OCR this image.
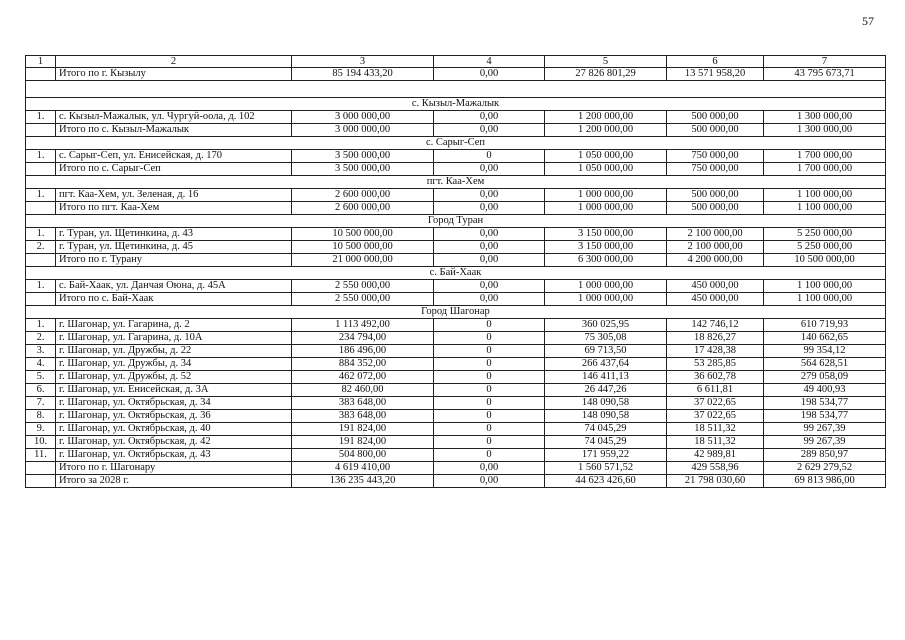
57
1	2	3	4	5	6	7
	Итого по г. Кызылу	85 194 433,20	0,00	27 826 801,29	13 571 958,20	43 795 673,71

с. Кызыл-Мажалык						
1.	с. Кызыл-Мажалык, ул. Чургуй-оола, д. 102	3 000 000,00	0,00	1 200 000,00	500 000,00	1 300 000,00
	Итого по с. Кызыл-Мажалык	3 000 000,00	0,00	1 200 000,00	500 000,00	1 300 000,00
с. Сарыг-Сеп						
1.	с. Сарыг-Сеп, ул. Енисейская, д. 170	3 500 000,00	0	1 050 000,00	750 000,00	1 700 000,00
	Итого по с. Сарыг-Сеп	3 500 000,00	0,00	1 050 000,00	750 000,00	1 700 000,00
пгт. Каа-Хем						
1.	пгт. Каа-Хем, ул. Зеленая, д. 16	2 600 000,00	0,00	1 000 000,00	500 000,00	1 100 000,00
	Итого по пгт. Каа-Хем	2 600 000,00	0,00	1 000 000,00	500 000,00	1 100 000,00
Город Туран						
1.	г. Туран, ул. Щетинкина, д. 43	10 500 000,00	0,00	3 150 000,00	2 100 000,00	5 250 000,00
2.	г. Туран, ул. Щетинкина, д. 45	10 500 000,00	0,00	3 150 000,00	2 100 000,00	5 250 000,00
	Итого по г. Турану	21 000 000,00	0,00	6 300 000,00	4 200 000,00	10 500 000,00
с. Бай-Хаак						
1.	с. Бай-Хаак, ул. Данчая Оюна, д. 45А	2 550 000,00	0,00	1 000 000,00	450 000,00	1 100 000,00
	Итого по с. Бай-Хаак	2 550 000,00	0,00	1 000 000,00	450 000,00	1 100 000,00
Город Шагонар						
1.	г. Шагонар, ул. Гагарина, д. 2	1 113 492,00	0	360 025,95	142 746,12	610 719,93
2.	г. Шагонар, ул. Гагарина, д. 10А	234 794,00	0	75 305,08	18 826,27	140 662,65
3.	г. Шагонар, ул. Дружбы, д. 22	186 496,00	0	69 713,50	17 428,38	99 354,12
4.	г. Шагонар, ул. Дружбы, д. 34	884 352,00	0	266 437,64	53 285,85	564 628,51
5.	г. Шагонар, ул. Дружбы, д. 52	462 072,00	0	146 411,13	36 602,78	279 058,09
6.	г. Шагонар, ул. Енисейская, д. 3А	82 460,00	0	26 447,26	6 611,81	49 400,93
7.	г. Шагонар, ул. Октябрьская, д. 34	383 648,00	0	148 090,58	37 022,65	198 534,77
8.	г. Шагонар, ул. Октябрьская, д. 36	383 648,00	0	148 090,58	37 022,65	198 534,77
9.	г. Шагонар, ул. Октябрьская, д. 40	191 824,00	0	74 045,29	18 511,32	99 267,39
10.	г. Шагонар, ул. Октябрьская, д. 42	191 824,00	0	74 045,29	18 511,32	99 267,39
11.	г. Шагонар, ул. Октябрьская, д. 43	504 800,00	0	171 959,22	42 989,81	289 850,97
	Итого по г. Шагонару	4 619 410,00	0,00	1 560 571,52	429 558,96	2 629 279,52
	Итого за 2028 г.	136 235 443,20	0,00	44 623 426,60	21 798 030,60	69 813 986,00
